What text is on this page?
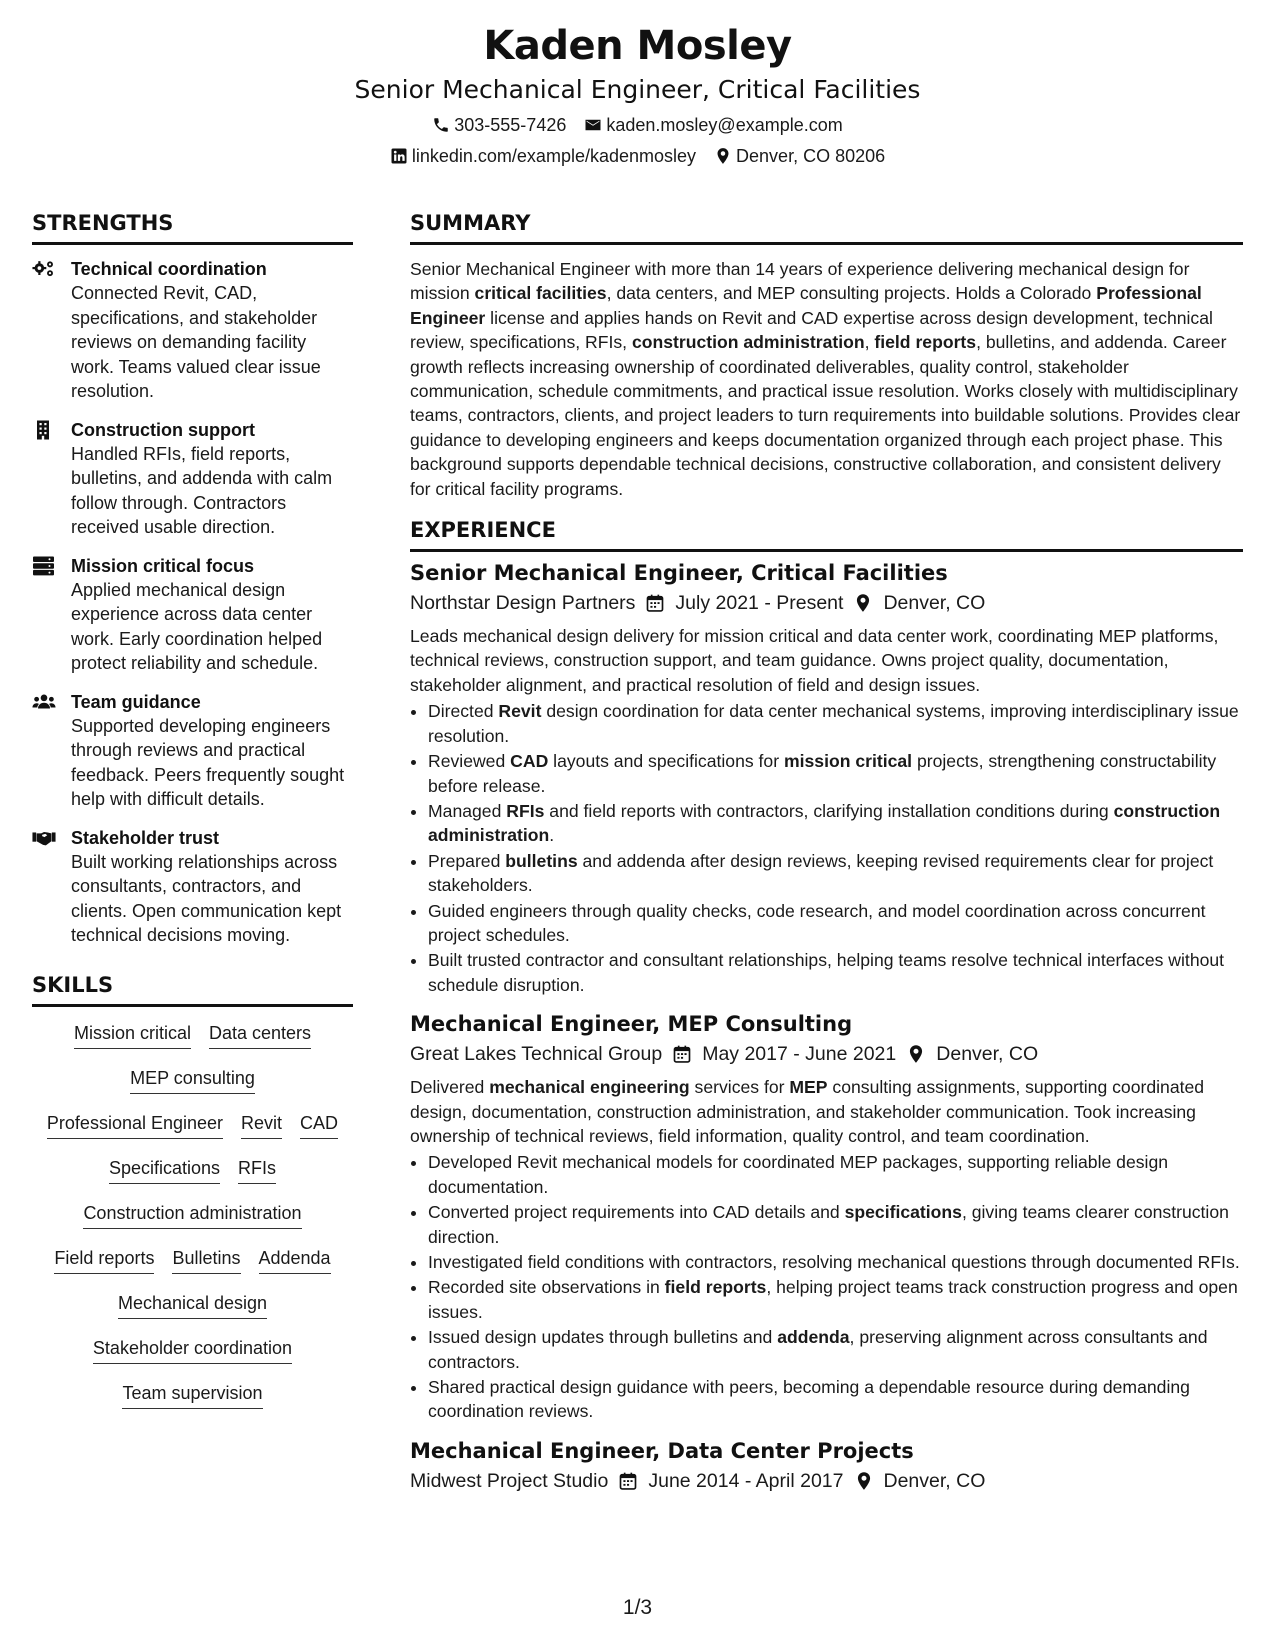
Kaden Mosley
Senior Mechanical Engineer, Critical Facilities
303-555-7426 kaden.mosley@example.com
linkedin.com/example/kadenmosley Denver, CO 80206
STRENGTHS
Technical coordination
Connected Revit, CAD, specifications, and stakeholder reviews on demanding facility work. Teams valued clear issue resolution.
Construction support
Handled RFIs, field reports, bulletins, and addenda with calm follow through. Contractors received usable direction.
Mission critical focus
Applied mechanical design experience across data center work. Early coordination helped protect reliability and schedule.
Team guidance
Supported developing engineers through reviews and practical feedback. Peers frequently sought help with difficult details.
Stakeholder trust
Built working relationships across consultants, contractors, and clients. Open communication kept technical decisions moving.
SKILLS
Mission critical Data centers
MEP consulting
Professional Engineer Revit CAD
Specifications RFIs
Construction administration
Field reports Bulletins Addenda
Mechanical design
Stakeholder coordination
Team supervision
SUMMARY

Senior Mechanical Engineer with more than 14 years of experience delivering mechanical design for mission critical facilities, data centers, and MEP consulting projects. Holds a Colorado Professional Engineer license and applies hands on Revit and CAD expertise across design development, technical review, specifications, RFIs, construction administration, field reports, bulletins, and addenda. Career growth reflects increasing ownership of coordinated deliverables, quality control, stakeholder communication, schedule commitments, and practical issue resolution. Works closely with multidisciplinary teams, contractors, clients, and project leaders to turn requirements into buildable solutions. Provides clear guidance to developing engineers and keeps documentation organized through each project phase. This background supports dependable technical decisions, constructive collaboration, and consistent delivery for critical facility programs.

EXPERIENCE
Senior Mechanical Engineer, Critical Facilities
Northstar Design Partners July 2021 - Present Denver, CO

Leads mechanical design delivery for mission critical and data center work, coordinating MEP platforms, technical reviews, construction support, and team guidance. Owns project quality, documentation, stakeholder alignment, and practical resolution of field and design issues.

• Directed Revit design coordination for data center mechanical systems, improving interdisciplinary issue resolution.
• Reviewed CAD layouts and specifications for mission critical projects, strengthening constructability before release.
• Managed RFIs and field reports with contractors, clarifying installation conditions during construction administration.
• Prepared bulletins and addenda after design reviews, keeping revised requirements clear for project stakeholders.
• Guided engineers through quality checks, code research, and model coordination across concurrent project schedules.
• Built trusted contractor and consultant relationships, helping teams resolve technical interfaces without schedule disruption.
Mechanical Engineer, MEP Consulting
Great Lakes Technical Group May 2017 - June 2021 Denver, CO

Delivered mechanical engineering services for MEP consulting assignments, supporting coordinated design, documentation, construction administration, and stakeholder communication. Took increasing ownership of technical reviews, field information, quality control, and team coordination.

• Developed Revit mechanical models for coordinated MEP packages, supporting reliable design documentation.
• Converted project requirements into CAD details and specifications, giving teams clearer construction direction.
• Investigated field conditions with contractors, resolving mechanical questions through documented RFIs.
• Recorded site observations in field reports, helping project teams track construction progress and open issues.
• Issued design updates through bulletins and addenda, preserving alignment across consultants and contractors.
• Shared practical design guidance with peers, becoming a dependable resource during demanding coordination reviews.
Mechanical Engineer, Data Center Projects
Midwest Project Studio June 2014 - April 2017 Denver, CO
1/3
